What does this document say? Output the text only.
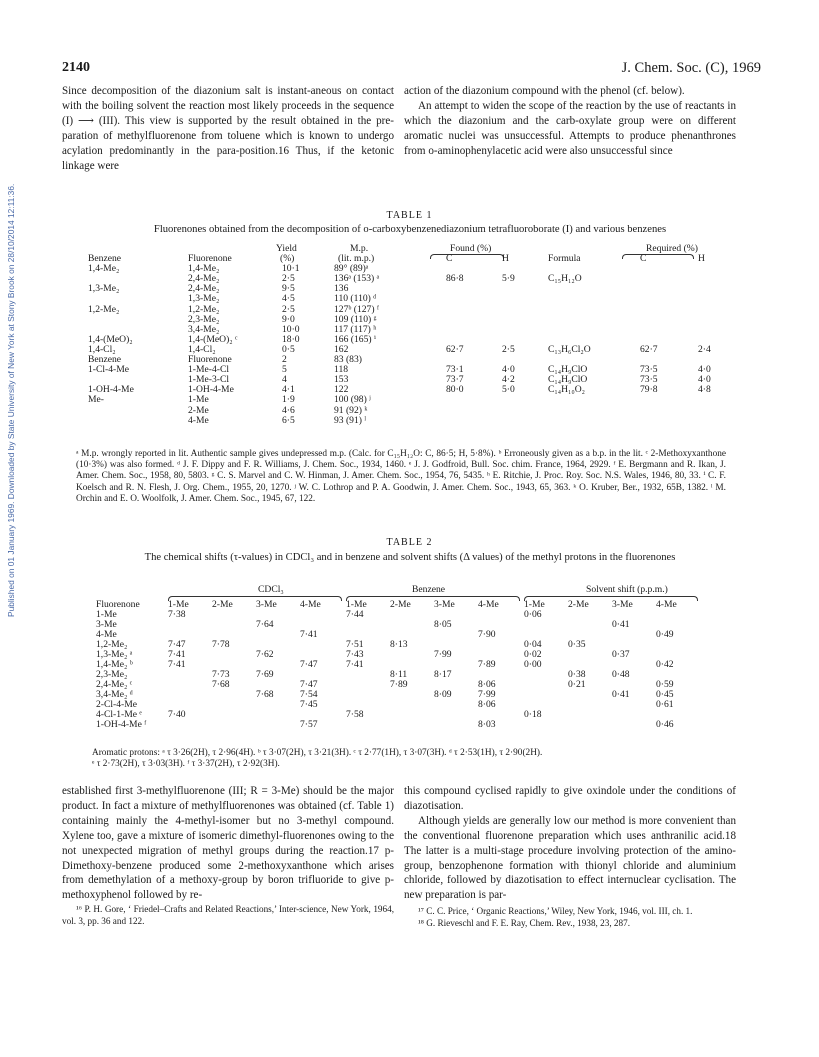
Published on 01 January 1969. Downloaded by State University of New York at Stony Brook on 28/10/2014 12:11:36.
2140	J. Chem. Soc. (C), 1969

Since decomposition of the diazonium salt is instant-aneous on contact with the boiling solvent the reaction most likely proceeds in the sequence (I) ⟶ (III). This view is supported by the result obtained in the pre-paration of methylfluorenone from toluene which is known to undergo acylation predominantly in the para-position.16 Thus, if the ketonic linkage were

action of the diazonium compound with the phenol (cf. below).

An attempt to widen the scope of the reaction by the use of reactants in which the diazonium and the carb-oxylate group were on different aromatic nuclei was unsuccessful. Attempts to produce phenanthrones from o-aminophenylacetic acid were also unsuccessful since

TABLE 1
Fluorenones obtained from the decomposition of o-carboxybenzenediazonium tetrafluoroborate (I) and various benzenes
		Yield	M.p.	Found (%)			Required (%)	
Benzene	Fluorenone	(%)	(lit. m.p.)	C	H	Formula	C	H
1,4-Me₂	1,4-Me₂	10·1	89° (89)ᵃ					
	2,4-Me₂	2·5	136ᵃ (153) ᵃ	86·8	5·9	C₁₅H₁₂O		
1,3-Me₂	2,4-Me₂	9·5	136					
	1,3-Me₂	4·5	110 (110) ᵈ					
1,2-Me₂	1,2-Me₂	2·5	127ᵇ (127) ᶠ					
	2,3-Me₂	9·0	109 (110) ᵍ					
	3,4-Me₂	10·0	117 (117) ʰ					
1,4-(MeO)₂	1,4-(MeO)₂ ᶜ	18·0	166 (165) ⁱ					
1,4-Cl₂	1,4-Cl₂	0·5	162	62·7	2·5	C₁₃H₆Cl₂O	62·7	2·4
Benzene	Fluorenone	2	83 (83)					
1-Cl-4-Me	1-Me-4-Cl	5	118	73·1	4·0	C₁₄H₉ClO	73·5	4·0
	1-Me-3-Cl	4	153	73·7	4·2	C₁₄H₉ClO	73·5	4·0
1-OH-4-Me	1-OH-4-Me	4·1	122	80·0	5·0	C₁₄H₁₀O₂	79·8	4·8
Me-	1-Me	1·9	100 (98) ʲ					
	2-Me	4·6	91 (92) ᵏ					
	4-Me	6·5	93 (91) ˡ					
ᵃ M.p. wrongly reported in lit. Authentic sample gives undepressed m.p. (Calc. for C₁₅H₁₂O: C, 86·5; H, 5·8%). ᵇ Erroneously given as a b.p. in the lit. ᶜ 2-Methoxyxanthone (10·3%) was also formed. ᵈ J. F. Dippy and F. R. Williams, J. Chem. Soc., 1934, 1460. ᵉ J. J. Godfroid, Bull. Soc. chim. France, 1964, 2929. ᶠ E. Bergmann and R. Ikan, J. Amer. Chem. Soc., 1958, 80, 5803. ᵍ C. S. Marvel and C. W. Hinman, J. Amer. Chem. Soc., 1954, 76, 5435. ʰ E. Ritchie, J. Proc. Roy. Soc. N.S. Wales, 1946, 80, 33. ⁱ C. F. Koelsch and R. N. Flesh, J. Org. Chem., 1955, 20, 1270. ʲ W. C. Lothrop and P. A. Goodwin, J. Amer. Chem. Soc., 1943, 65, 363. ᵏ O. Kruber, Ber., 1932, 65B, 1382. ˡ M. Orchin and E. O. Woolfolk, J. Amer. Chem. Soc., 1945, 67, 122.
TABLE 2
The chemical shifts (τ-values) in CDCl₃ and in benzene and solvent shifts (Δ values) of the methyl protons in the fluorenones
CDCl₃	Benzene	Solvent shift (p.p.m.)
Fluorenone	1-Me	2-Me	3-Me	4-Me	1-Me	2-Me	3-Me	4-Me	1-Me	2-Me	3-Me	4-Me
1-Me	7·38				7·44				0·06			
3-Me			7·64				8·05				0·41	
4-Me				7·41				7·90				0·49
1,2-Me₂	7·47	7·78			7·51	8·13			0·04	0·35		
1,3-Me₂ ᵃ	7·41		7·62		7·43		7·99		0·02		0·37	
1,4-Me₂ ᵇ	7·41			7·47	7·41			7·89	0·00			0·42
2,3-Me₂		7·73	7·69			8·11	8·17			0·38	0·48	
2,4-Me₂ ᶜ		7·68		7·47		7·89		8·06		0·21		0·59
3,4-Me₂ ᵈ			7·68	7·54			8·09	7·99			0·41	0·45
2-Cl-4-Me				7·45				8·06				0·61
4-Cl-1-Me ᵉ	7·40				7·58				0·18			
1-OH-4-Me ᶠ				7·57				8·03				0·46
Aromatic protons: ᵃ τ 3·26(2H), τ 2·96(4H). ᵇ τ 3·07(2H), τ 3·21(3H). ᶜ τ 2·77(1H), τ 3·07(3H). ᵈ τ 2·53(1H), τ 2·90(2H).
ᵉ τ 2·73(2H), τ 3·03(3H). ᶠ τ 3·37(2H), τ 2·92(3H).

established first 3-methylfluorenone (III; R = 3-Me) should be the major product. In fact a mixture of methylfluorenones was obtained (cf. Table 1) containing mainly the 4-methyl-isomer but no 3-methyl compound. Xylene too, gave a mixture of isomeric dimethyl-fluorenones owing to the not unexpected migration of methyl groups during the reaction.17 p-Dimethoxy-benzene produced some 2-methoxyxanthone which arises from demethylation of a methoxy-group by boron trifluoride to give p-methoxyphenol followed by re-

¹⁶ P. H. Gore, ‘ Friedel–Crafts and Related Reactions,’ Inter-science, New York, 1964, vol. 3, pp. 36 and 122.

this compound cyclised rapidly to give oxindole under the conditions of diazotisation.

Although yields are generally low our method is more convenient than the conventional fluorenone preparation which uses anthranilic acid.18 The latter is a multi-stage procedure involving protection of the amino-group, benzophenone formation with thionyl chloride and aluminium chloride, followed by diazotisation to effect internuclear cyclisation. The new preparation is par-

¹⁷ C. C. Price, ‘ Organic Reactions,’ Wiley, New York, 1946, vol. III, ch. 1.
¹⁸ G. Rieveschl and F. E. Ray, Chem. Rev., 1938, 23, 287.
